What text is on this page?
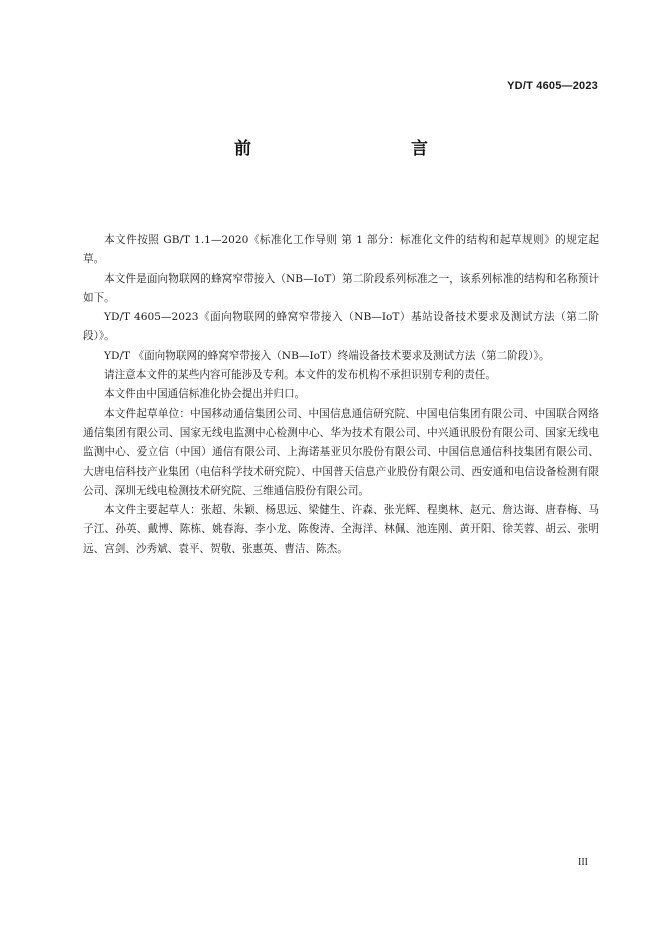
YD/T 4605—2023
前　　言

本文件按照 GB/T 1.1—2020《标准化工作导则 第 1 部分：标准化文件的结构和起草规则》的规定起草。

本文件是面向物联网的蜂窝窄带接入（NB—IoT）第二阶段系列标准之一，该系列标准的结构和名称预计如下。

YD/T 4605—2023《面向物联网的蜂窝窄带接入（NB—IoT）基站设备技术要求及测试方法（第二阶段）》。

YD/T 《面向物联网的蜂窝窄带接入（NB—IoT）终端设备技术要求及测试方法（第二阶段）》。

请注意本文件的某些内容可能涉及专利。本文件的发布机构不承担识别专利的责任。

本文件由中国通信标准化协会提出并归口。

本文件起草单位：中国移动通信集团公司、中国信息通信研究院、中国电信集团有限公司、中国联合网络通信集团有限公司、国家无线电监测中心检测中心、华为技术有限公司、中兴通讯股份有限公司、国家无线电监测中心、爱立信（中国）通信有限公司、上海诺基亚贝尔股份有限公司、中国信息通信科技集团有限公司、大唐电信科技产业集团（电信科学技术研究院）、中国普天信息产业股份有限公司、西安通和电信设备检测有限公司、深圳无线电检测技术研究院、三维通信股份有限公司。

本文件主要起草人：张超、朱颖、杨思远、梁健生、许森、张光辉、程奥林、赵元、詹达诲、唐春梅、马子江、孙英、戴博、陈栋、姚春海、李小龙、陈俊涛、全海洋、林佩、池连刚、黄开阳、徐芙蓉、胡云、张明远、宫剑、沙秀斌、袁平、贺敬、张惠英、曹洁、陈杰。

III
